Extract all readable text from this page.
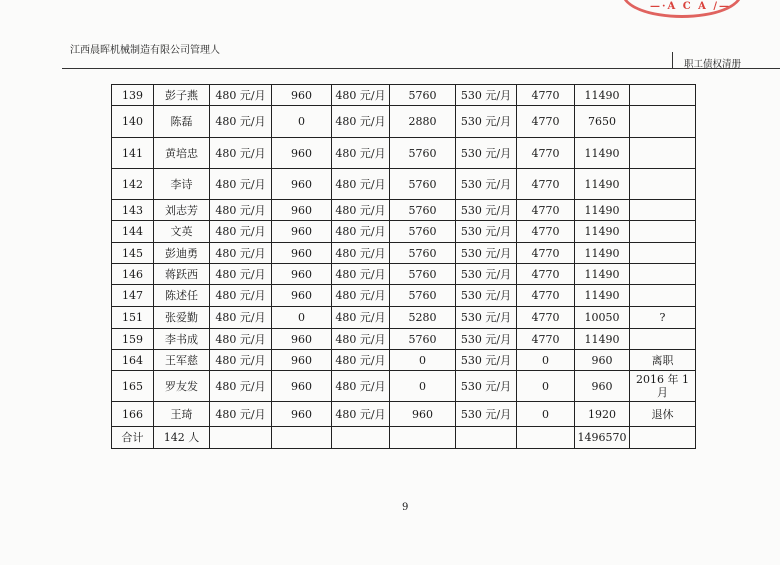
—·A C A /—
江西晨晖机械制造有限公司管理人
职工债权清册
139	彭子燕	480 元/月	960	480 元/月	5760	530 元/月	4770	11490	
140	陈磊	480 元/月	0	480 元/月	2880	530 元/月	4770	7650	
141	黄培忠	480 元/月	960	480 元/月	5760	530 元/月	4770	11490	
142	李诗	480 元/月	960	480 元/月	5760	530 元/月	4770	11490	
143	刘志芳	480 元/月	960	480 元/月	5760	530 元/月	4770	11490	
144	文英	480 元/月	960	480 元/月	5760	530 元/月	4770	11490	
145	彭迪勇	480 元/月	960	480 元/月	5760	530 元/月	4770	11490	
146	蒋跃西	480 元/月	960	480 元/月	5760	530 元/月	4770	11490	
147	陈述任	480 元/月	960	480 元/月	5760	530 元/月	4770	11490	
151	张爱勤	480 元/月	0	480 元/月	5280	530 元/月	4770	10050	?
159	李书成	480 元/月	960	480 元/月	5760	530 元/月	4770	11490	
164	王军慈	480 元/月	960	480 元/月	0	530 元/月	0	960	离职
165	罗友发	480 元/月	960	480 元/月	0	530 元/月	0	960	2016 年 1 月
166	王琦	480 元/月	960	480 元/月	960	530 元/月	0	1920	退休
合计	142 人							1496570	
9
